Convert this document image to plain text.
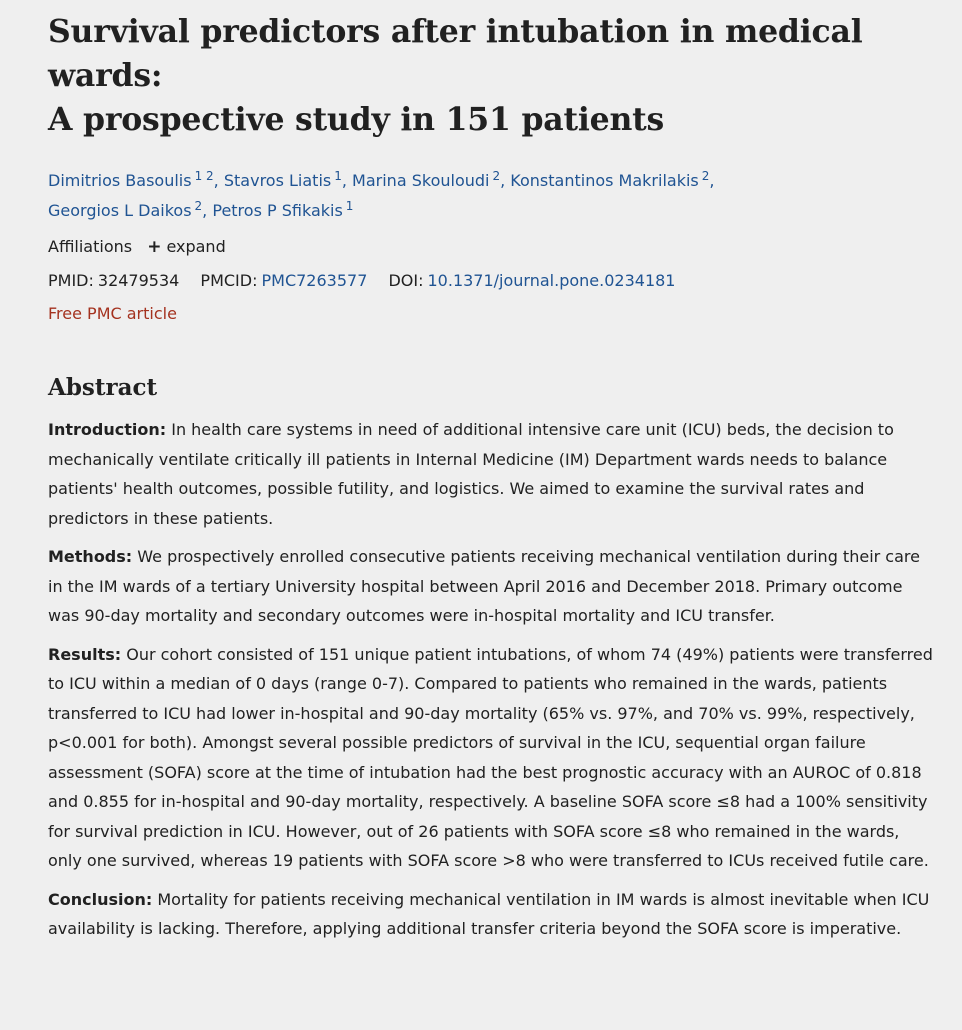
Survival predictors after intubation in medical wards:
A prospective study in 151 patients
Dimitrios Basoulis $^{1 2}$, Stavros Liatis $^1$, Marina Skouloudi $^2$, Konstantinos Makrilakis $^2$,
Georgios L Daikos $^2$, Petros P Sfikakis $^1$
Affiliations + expand
PMID: 32479534 PMCID: PMC7263577 DOI: 10.1371/journal.pone.0234181
Free PMC article
Abstract

Introduction: In health care systems in need of additional intensive care unit (ICU) beds, the decision to mechanically ventilate critically ill patients in Internal Medicine (IM) Department wards needs to balance patients' health outcomes, possible futility, and logistics. We aimed to examine the survival rates and predictors in these patients.

Methods: We prospectively enrolled consecutive patients receiving mechanical ventilation during their care in the IM wards of a tertiary University hospital between April 2016 and December 2018. Primary outcome was 90-day mortality and secondary outcomes were in-hospital mortality and ICU transfer.

Results: Our cohort consisted of 151 unique patient intubations, of whom 74 (49%) patients were transferred to ICU within a median of 0 days (range 0-7). Compared to patients who remained in the wards, patients transferred to ICU had lower in-hospital and 90-day mortality (65% vs. 97%, and 70% vs. 99%, respectively, p<0.001 for both). Amongst several possible predictors of survival in the ICU, sequential organ failure assessment (SOFA) score at the time of intubation had the best prognostic accuracy with an AUROC of 0.818 and 0.855 for in-hospital and 90-day mortality, respectively. A baseline SOFA score ≤8 had a 100% sensitivity for survival prediction in ICU. However, out of 26 patients with SOFA score ≤8 who remained in the wards, only one survived, whereas 19 patients with SOFA score >8 who were transferred to ICUs received futile care.

Conclusion: Mortality for patients receiving mechanical ventilation in IM wards is almost inevitable when ICU availability is lacking. Therefore, applying additional transfer criteria beyond the SOFA score is imperative.
